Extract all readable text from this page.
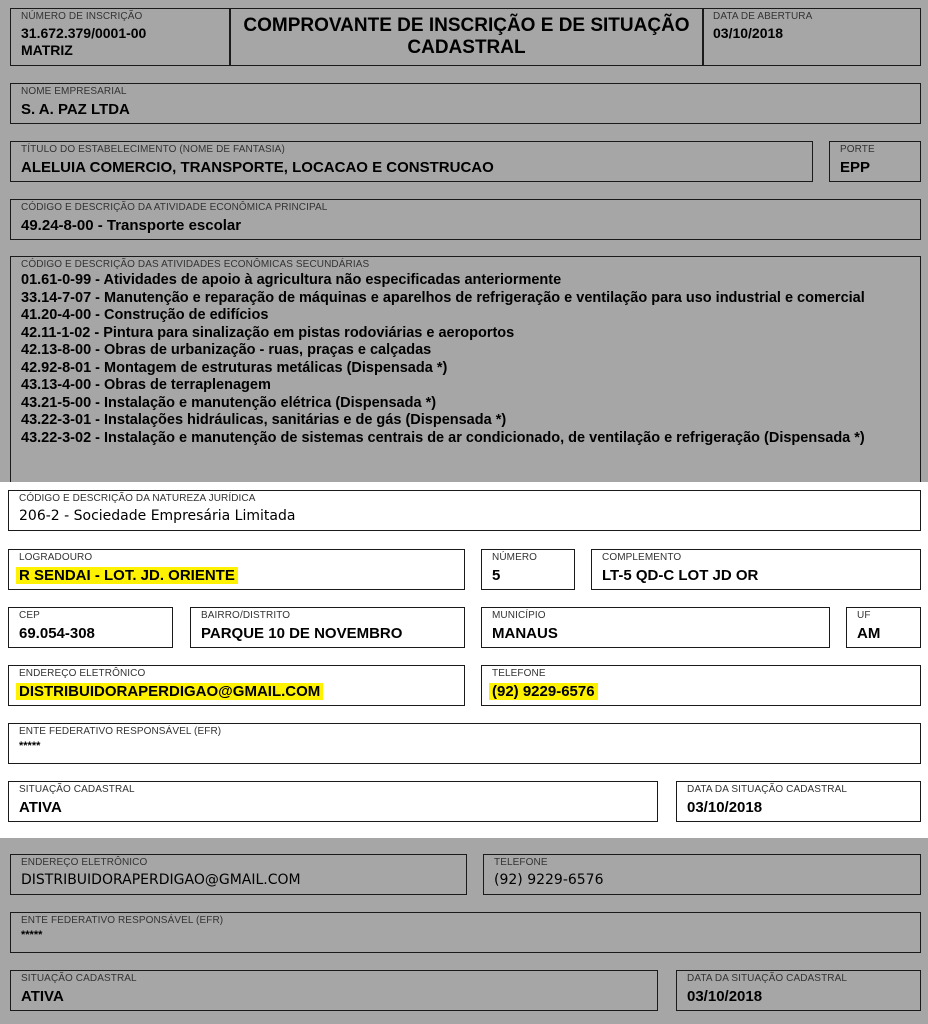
NÚMERO DE INSCRIÇÃO
31.672.379/0001-00
MATRIZ
COMPROVANTE DE INSCRIÇÃO E DE SITUAÇÃO CADASTRAL
DATA DE ABERTURA
03/10/2018
NOME EMPRESARIAL
S. A. PAZ LTDA
TÍTULO DO ESTABELECIMENTO (NOME DE FANTASIA)
ALELUIA COMERCIO, TRANSPORTE, LOCACAO E CONSTRUCAO
PORTE
EPP
CÓDIGO E DESCRIÇÃO DA ATIVIDADE ECONÔMICA PRINCIPAL
49.24-8-00 - Transporte escolar
CÓDIGO E DESCRIÇÃO DAS ATIVIDADES ECONÔMICAS SECUNDÁRIAS
01.61-0-99 - Atividades de apoio à agricultura não especificadas anteriormente
33.14-7-07 - Manutenção e reparação de máquinas e aparelhos de refrigeração e ventilação para uso industrial e comercial
41.20-4-00 - Construção de edifícios
42.11-1-02 - Pintura para sinalização em pistas rodoviárias e aeroportos
42.13-8-00 - Obras de urbanização - ruas, praças e calçadas
42.92-8-01 - Montagem de estruturas metálicas (Dispensada *)
43.13-4-00 - Obras de terraplenagem
43.21-5-00 - Instalação e manutenção elétrica (Dispensada *)
43.22-3-01 - Instalações hidráulicas, sanitárias e de gás (Dispensada *)
43.22-3-02 - Instalação e manutenção de sistemas centrais de ar condicionado, de ventilação e refrigeração (Dispensada *)
CÓDIGO E DESCRIÇÃO DA NATUREZA JURÍDICA
206-2 - Sociedade Empresária Limitada
LOGRADOURO
R SENDAI - LOT. JD. ORIENTE
NÚMERO
5
COMPLEMENTO
LT-5 QD-C LOT JD OR
CEP
69.054-308
BAIRRO/DISTRITO
PARQUE 10 DE NOVEMBRO
MUNICÍPIO
MANAUS
UF
AM
ENDEREÇO ELETRÔNICO
DISTRIBUIDORAPERDIGAO@GMAIL.COM
TELEFONE
(92) 9229-6576
ENTE FEDERATIVO RESPONSÁVEL (EFR)
*****
SITUAÇÃO CADASTRAL
ATIVA
DATA DA SITUAÇÃO CADASTRAL
03/10/2018
ENDEREÇO ELETRÔNICO
DISTRIBUIDORAPERDIGAO@GMAIL.COM
TELEFONE
(92) 9229-6576
ENTE FEDERATIVO RESPONSÁVEL (EFR)
*****
SITUAÇÃO CADASTRAL
ATIVA
DATA DA SITUAÇÃO CADASTRAL
03/10/2018
